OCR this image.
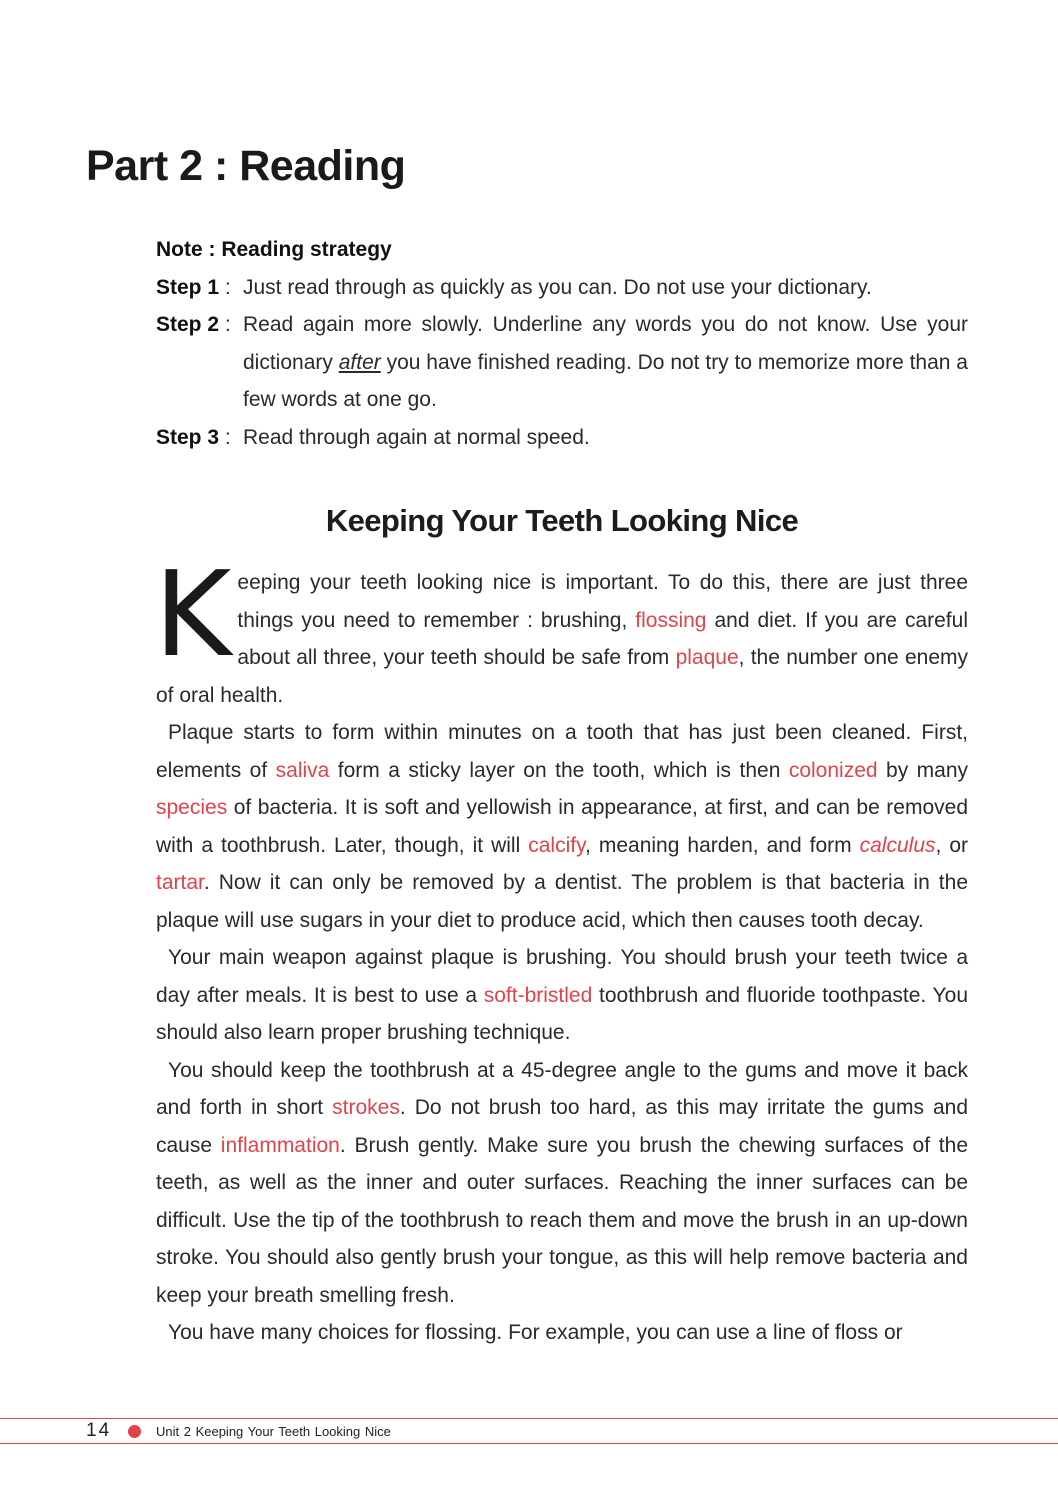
Part 2 : Reading
Note : Reading strategy
Step 1 : Just read through as quickly as you can. Do not use your dictionary.
Step 2 : Read again more slowly. Underline any words you do not know. Use your dictionary after you have finished reading. Do not try to memorize more than a few words at one go.
Step 3 : Read through again at normal speed.
Keeping Your Teeth Looking Nice

Keeping your teeth looking nice is important. To do this, there are just three things you need to remember : brushing, flossing and diet. If you are careful about all three, your teeth should be safe from plaque, the number one enemy of oral health.

Plaque starts to form within minutes on a tooth that has just been cleaned. First, elements of saliva form a sticky layer on the tooth, which is then colonized by many species of bacteria. It is soft and yellowish in appearance, at first, and can be removed with a toothbrush. Later, though, it will calcify, meaning harden, and form calculus, or tartar. Now it can only be removed by a dentist. The problem is that bacteria in the plaque will use sugars in your diet to produce acid, which then causes tooth decay.

Your main weapon against plaque is brushing. You should brush your teeth twice a day after meals. It is best to use a soft-bristled toothbrush and fluoride toothpaste. You should also learn proper brushing technique.

You should keep the toothbrush at a 45-degree angle to the gums and move it back and forth in short strokes. Do not brush too hard, as this may irritate the gums and cause inflammation. Brush gently. Make sure you brush the chewing surfaces of the teeth, as well as the inner and outer surfaces. Reaching the inner surfaces can be difficult. Use the tip of the toothbrush to reach them and move the brush in an up-down stroke. You should also gently brush your tongue, as this will help remove bacteria and keep your breath smelling fresh.

You have many choices for flossing. For example, you can use a line of floss or

14	Unit 2 Keeping Your Teeth Looking Nice
